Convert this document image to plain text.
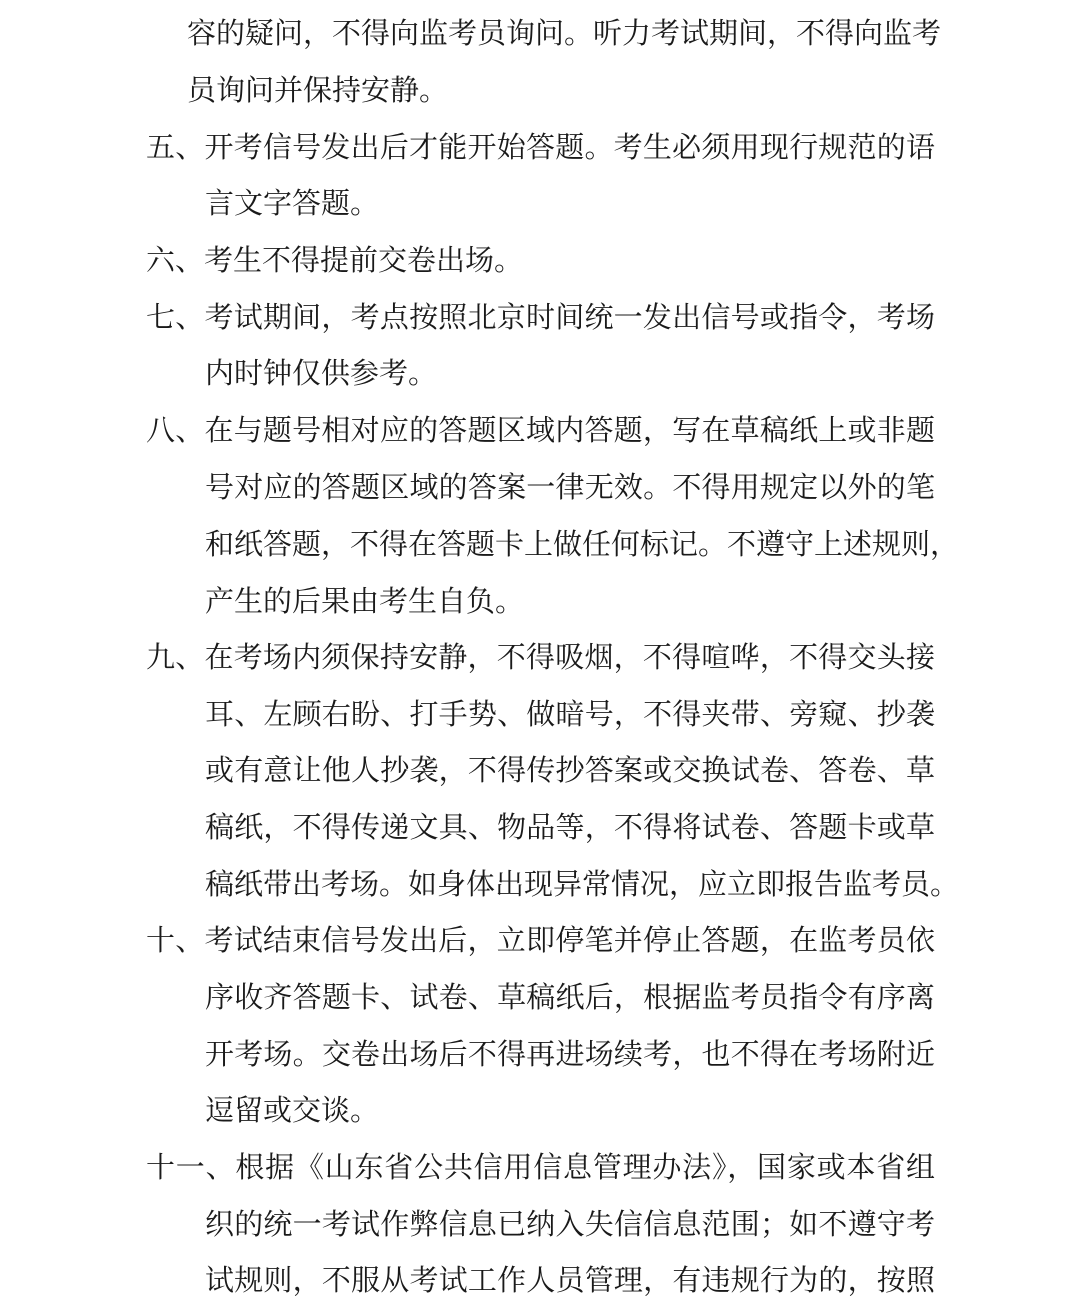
容的疑问，不得向监考员询问。听力考试期间，不得向监考
员询问并保持安静。
五、开考信号发出后才能开始答题。考生必须用现行规范的语
言文字答题。
六、考生不得提前交卷出场。
七、考试期间，考点按照北京时间统一发出信号或指令，考场
内时钟仅供参考。
八、在与题号相对应的答题区域内答题，写在草稿纸上或非题
号对应的答题区域的答案一律无效。不得用规定以外的笔
和纸答题，不得在答题卡上做任何标记。不遵守上述规则，
产生的后果由考生自负。
九、在考场内须保持安静，不得吸烟，不得喧哗，不得交头接
耳、左顾右盼、打手势、做暗号，不得夹带、旁窥、抄袭
或有意让他人抄袭，不得传抄答案或交换试卷、答卷、草
稿纸，不得传递文具、物品等，不得将试卷、答题卡或草
稿纸带出考场。如身体出现异常情况，应立即报告监考员。
十、考试结束信号发出后，立即停笔并停止答题，在监考员依
序收齐答题卡、试卷、草稿纸后，根据监考员指令有序离
开考场。交卷出场后不得再进场续考，也不得在考场附近
逗留或交谈。
十一、根据《山东省公共信用信息管理办法》，国家或本省组
织的统一考试作弊信息已纳入失信信息范围；如不遵守考
试规则，不服从考试工作人员管理，有违规行为的，按照
